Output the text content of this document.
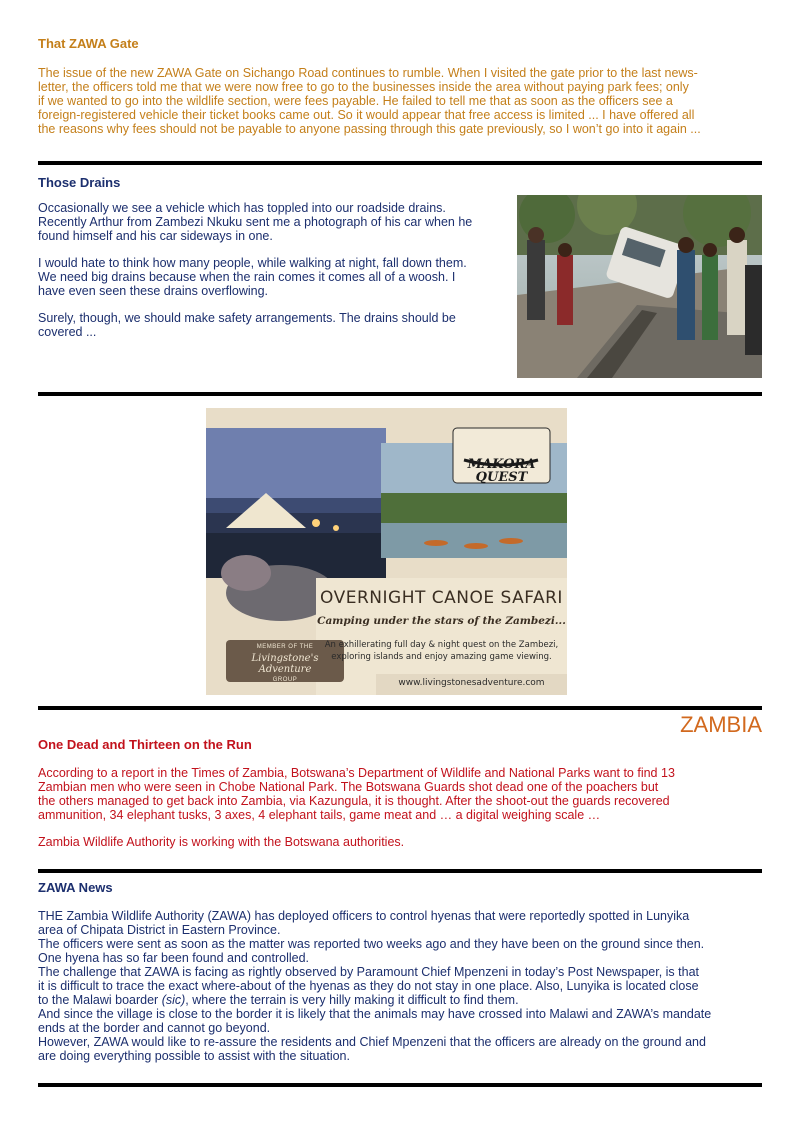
That ZAWA Gate

The issue of the new ZAWA Gate on Sichango Road continues to rumble. When I visited the gate prior to the last news-

letter, the officers told me that we were now free to go to the businesses inside the area without paying park fees; only

if we wanted to go into the wildlife section, were fees payable. He failed to tell me that as soon as the officers see a

foreign-registered vehicle their ticket books came out. So it would appear that free access is limited ... I have offered all

the reasons why fees should not be payable to anyone passing through this gate previously, so I won’t go into it again ...

Those Drains

Occasionally we see a vehicle which has toppled into our roadside drains.

Recently Arthur from Zambezi Nkuku sent me a photograph of his car when he

found himself and his car sideways in one.

I would hate to think how many people, while walking at night, fall down them.

We need big drains because when the rain comes it comes all of a woosh. I

have even seen these drains overflowing.

Surely, though, we should make safety arrangements. The drains should be

covered ...

MAKORA
QUEST
OVERNIGHT CANOE SAFARI
Camping under the stars of the Zambezi...
An exhillerating full day & night quest on the Zambezi,
exploring islands and enjoy amazing game viewing.
www.livingstonesadventure.com
MEMBER OF THE
Livingstone's Adventure
GROUP
ZAMBIA
One Dead and Thirteen on the Run

According to a report in the Times of Zambia, Botswana’s Department of Wildlife and National Parks want to find 13

Zambian men who were seen in Chobe National Park. The Botswana Guards shot dead one of the poachers but

the others managed to get back into Zambia, via Kazungula, it is thought. After the shoot-out the guards recovered

ammunition, 34 elephant tusks, 3 axes, 4 elephant tails, game meat and … a digital weighing scale …

Zambia Wildlife Authority is working with the Botswana authorities.

ZAWA News

THE Zambia Wildlife Authority (ZAWA) has deployed officers to control hyenas that were reportedly spotted in Lunyika

area of Chipata District in Eastern Province.

The officers were sent as soon as the matter was reported two weeks ago and they have been on the ground since then.

One hyena has so far been found and controlled.

The challenge that ZAWA is facing as rightly observed by Paramount Chief Mpenzeni in today’s Post Newspaper, is that

it is difficult to trace the exact where-about of the hyenas as they do not stay in one place. Also, Lunyika is located close

to the Malawi boarder (sic), where the terrain is very hilly making it difficult to find them.

And since the village is close to the border it is likely that the animals may have crossed into Malawi and ZAWA’s mandate

ends at the border and cannot go beyond.

However, ZAWA would like to re-assure the residents and Chief Mpenzeni that the officers are already on the ground and

are doing everything possible to assist with the situation.
